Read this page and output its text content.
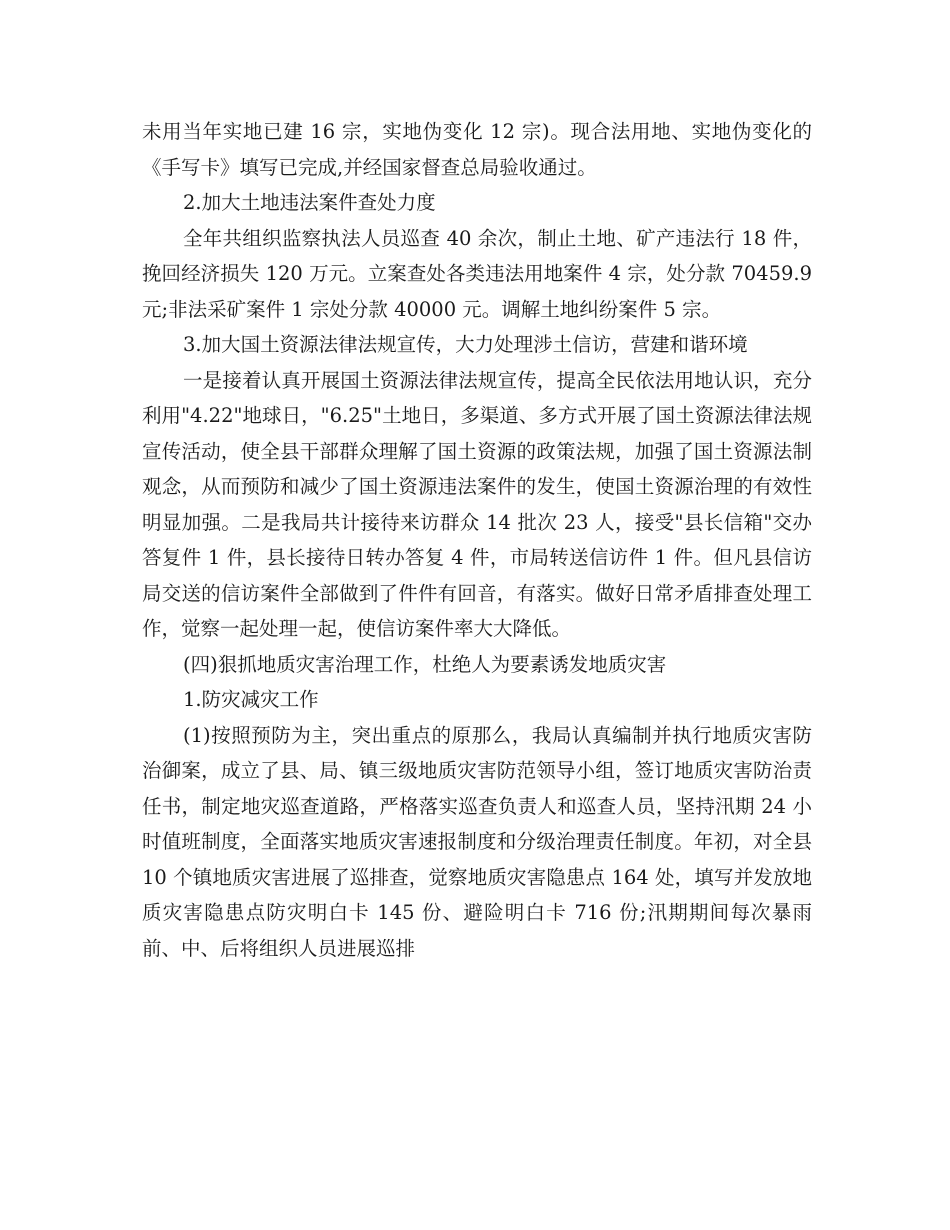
未用当年实地已建 16 宗，实地伪变化 12 宗)。现合法用地、实地伪变化的《手写卡》填写已完成,并经国家督查总局验收通过。

2.加大土地违法案件查处力度

全年共组织监察执法人员巡查 40 余次，制止土地、矿产违法行 18 件，挽回经济损失 120 万元。立案查处各类违法用地案件 4 宗，处分款 70459.9 元;非法采矿案件 1 宗处分款 40000 元。调解土地纠纷案件 5 宗。

3.加大国土资源法律法规宣传，大力处理涉土信访，营建和谐环境

一是接着认真开展国土资源法律法规宣传，提高全民依法用地认识，充分利用"4.22"地球日，"6.25"土地日，多渠道、多方式开展了国土资源法律法规宣传活动，使全县干部群众理解了国土资源的政策法规，加强了国土资源法制观念，从而预防和减少了国土资源违法案件的发生，使国土资源治理的有效性明显加强。二是我局共计接待来访群众 14 批次 23 人，接受"县长信箱"交办答复件 1 件，县长接待日转办答复 4 件，市局转送信访件 1 件。但凡县信访局交送的信访案件全部做到了件件有回音，有落实。做好日常矛盾排查处理工作，觉察一起处理一起，使信访案件率大大降低。

(四)狠抓地质灾害治理工作，杜绝人为要素诱发地质灾害

1.防灾减灾工作

(1)按照预防为主，突出重点的原那么，我局认真编制并执行地质灾害防治御案，成立了县、局、镇三级地质灾害防范领导小组，签订地质灾害防治责任书，制定地灾巡查道路，严格落实巡查负责人和巡查人员，坚持汛期 24 小时值班制度，全面落实地质灾害速报制度和分级治理责任制度。年初，对全县 10 个镇地质灾害进展了巡排查，觉察地质灾害隐患点 164 处，填写并发放地质灾害隐患点防灾明白卡 145 份、避险明白卡 716 份;汛期期间每次暴雨前、中、后将组织人员进展巡排
